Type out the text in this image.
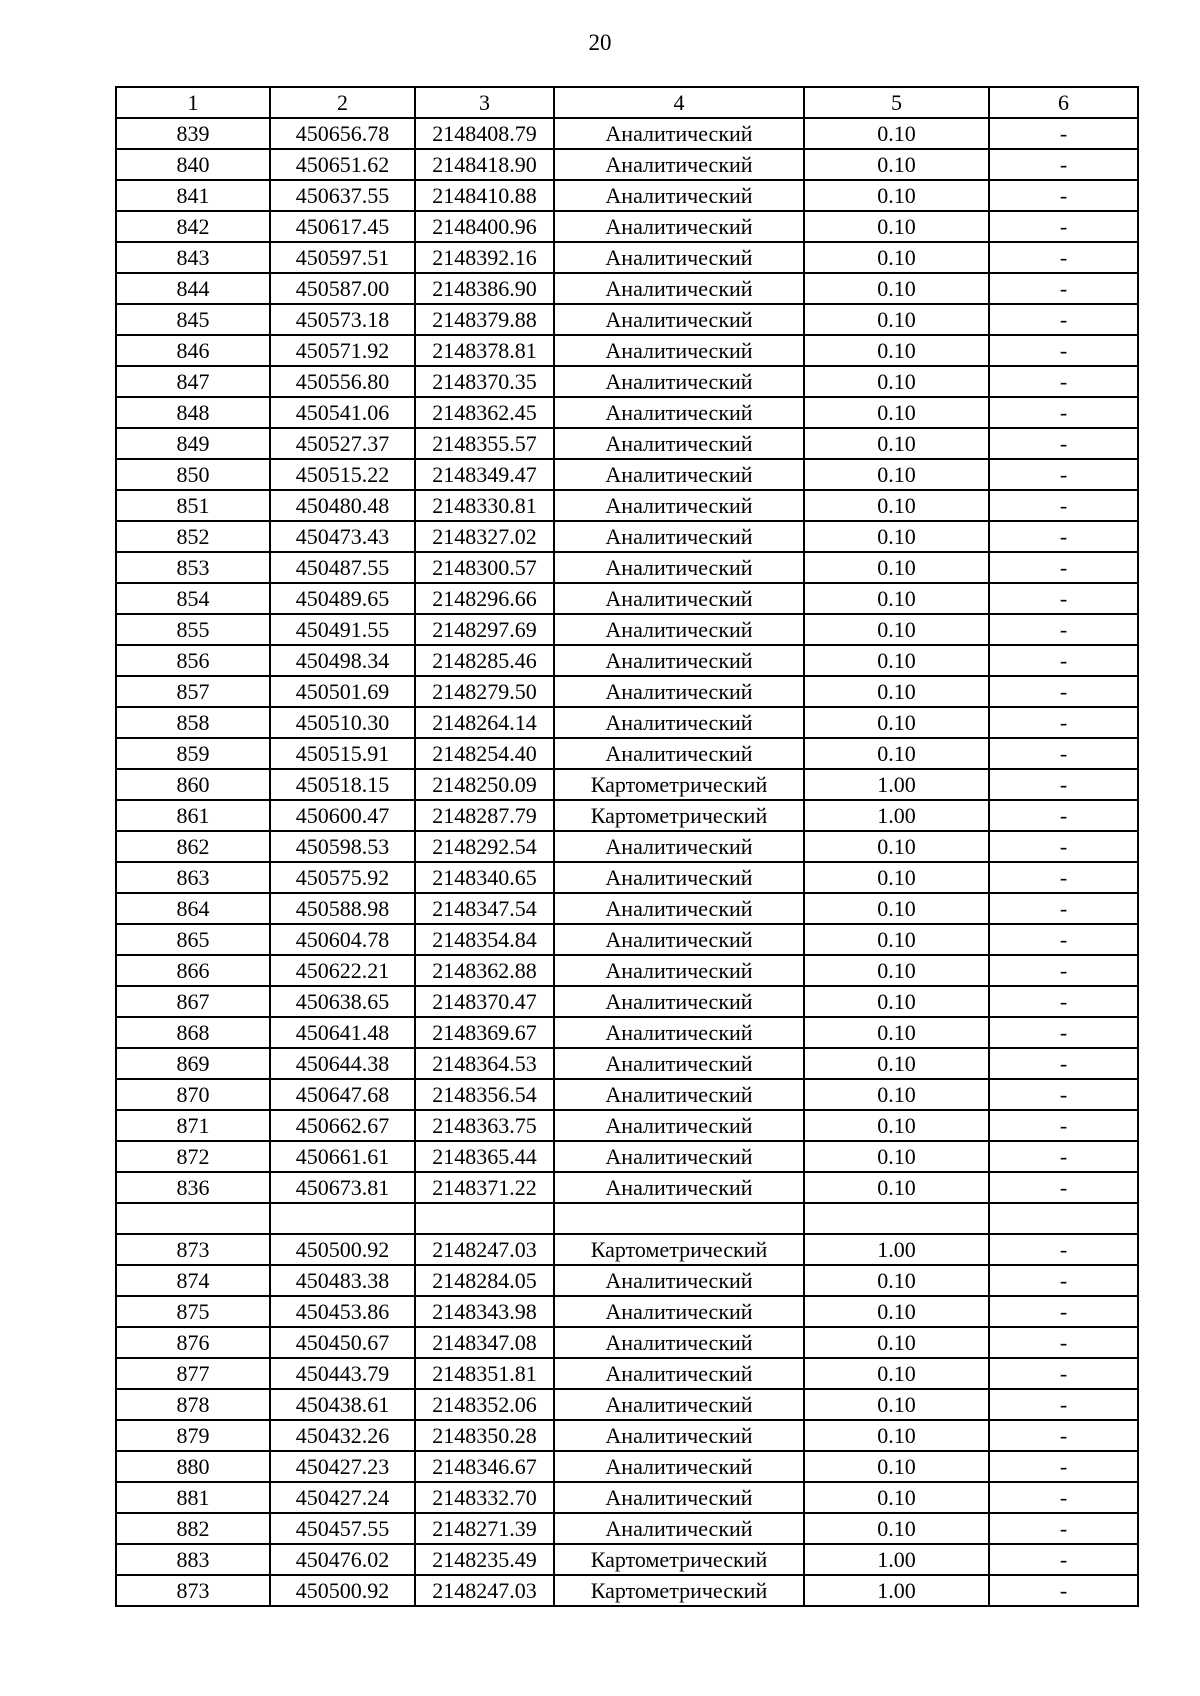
20
1	2	3	4	5	6
839	450656.78	2148408.79	Аналитический	0.10	-
840	450651.62	2148418.90	Аналитический	0.10	-
841	450637.55	2148410.88	Аналитический	0.10	-
842	450617.45	2148400.96	Аналитический	0.10	-
843	450597.51	2148392.16	Аналитический	0.10	-
844	450587.00	2148386.90	Аналитический	0.10	-
845	450573.18	2148379.88	Аналитический	0.10	-
846	450571.92	2148378.81	Аналитический	0.10	-
847	450556.80	2148370.35	Аналитический	0.10	-
848	450541.06	2148362.45	Аналитический	0.10	-
849	450527.37	2148355.57	Аналитический	0.10	-
850	450515.22	2148349.47	Аналитический	0.10	-
851	450480.48	2148330.81	Аналитический	0.10	-
852	450473.43	2148327.02	Аналитический	0.10	-
853	450487.55	2148300.57	Аналитический	0.10	-
854	450489.65	2148296.66	Аналитический	0.10	-
855	450491.55	2148297.69	Аналитический	0.10	-
856	450498.34	2148285.46	Аналитический	0.10	-
857	450501.69	2148279.50	Аналитический	0.10	-
858	450510.30	2148264.14	Аналитический	0.10	-
859	450515.91	2148254.40	Аналитический	0.10	-
860	450518.15	2148250.09	Картометрический	1.00	-
861	450600.47	2148287.79	Картометрический	1.00	-
862	450598.53	2148292.54	Аналитический	0.10	-
863	450575.92	2148340.65	Аналитический	0.10	-
864	450588.98	2148347.54	Аналитический	0.10	-
865	450604.78	2148354.84	Аналитический	0.10	-
866	450622.21	2148362.88	Аналитический	0.10	-
867	450638.65	2148370.47	Аналитический	0.10	-
868	450641.48	2148369.67	Аналитический	0.10	-
869	450644.38	2148364.53	Аналитический	0.10	-
870	450647.68	2148356.54	Аналитический	0.10	-
871	450662.67	2148363.75	Аналитический	0.10	-
872	450661.61	2148365.44	Аналитический	0.10	-
836	450673.81	2148371.22	Аналитический	0.10	-

873	450500.92	2148247.03	Картометрический	1.00	-
874	450483.38	2148284.05	Аналитический	0.10	-
875	450453.86	2148343.98	Аналитический	0.10	-
876	450450.67	2148347.08	Аналитический	0.10	-
877	450443.79	2148351.81	Аналитический	0.10	-
878	450438.61	2148352.06	Аналитический	0.10	-
879	450432.26	2148350.28	Аналитический	0.10	-
880	450427.23	2148346.67	Аналитический	0.10	-
881	450427.24	2148332.70	Аналитический	0.10	-
882	450457.55	2148271.39	Аналитический	0.10	-
883	450476.02	2148235.49	Картометрический	1.00	-
873	450500.92	2148247.03	Картометрический	1.00	-
